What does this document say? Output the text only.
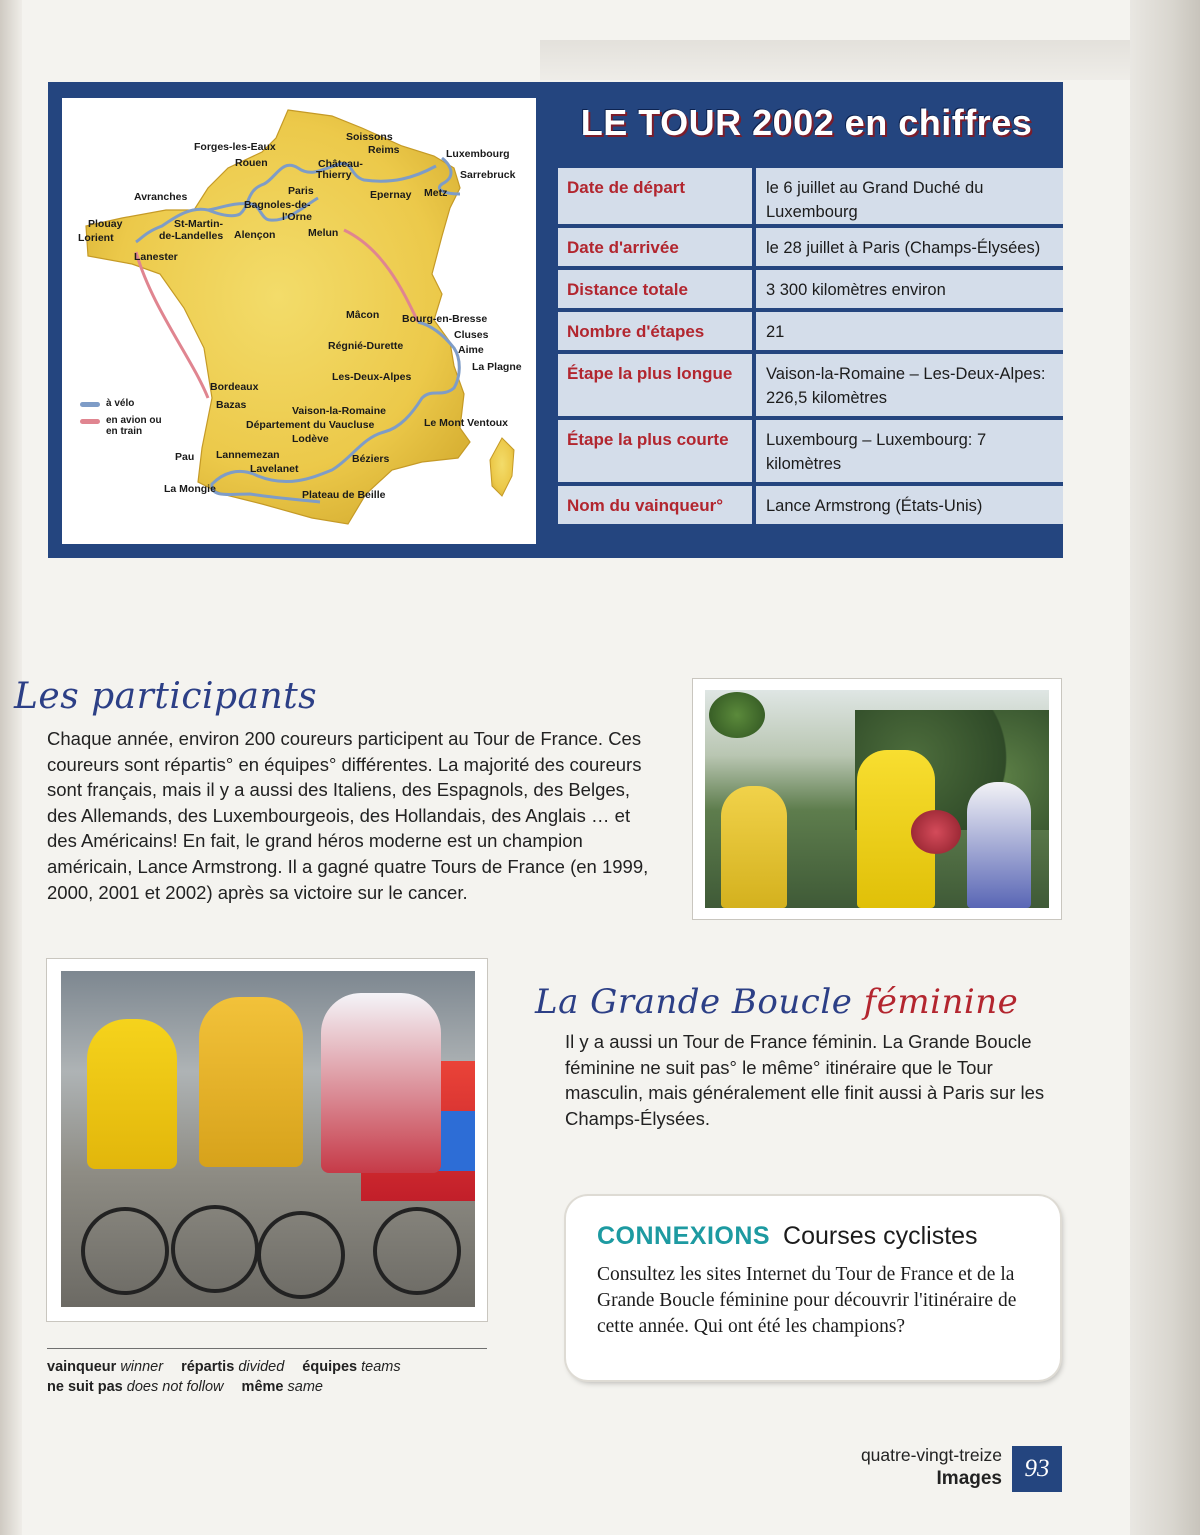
Forges-les-Eaux
Rouen
Soissons
Reims
Château-
Thierry
Luxembourg
Sarrebruck
Paris	Epernay Metz
Avranches
Bagnoles-de-
l'Orne
Plouay
Lorient
St-Martin-
de-Landelles Alençon	Melun
Lanester
Mâcon Bourg-en-Bresse
Cluses
Régnié-Durette	Aime
La Plagne
Les-Deux-Alpes
Bordeaux
Bazas	Vaison-la-Romaine
Département du Vaucluse	Le Mont Ventoux
Lodève
Béziers
Pau Lannemezan
Lavelanet
La Mongie	Plateau de Beille
à vélo
en avion ou
en train
LE TOUR 2002 en chiffres
Date de départ	le 6 juillet au Grand Duché du Luxembourg
Date d'arrivée	le 28 juillet à Paris (Champs-Élysées)
Distance totale	3 300 kilomètres environ
Nombre d'étapes	21
Étape la plus longue	Vaison-la-Romaine – Les-Deux-Alpes: 226,5 kilomètres
Étape la plus courte	Luxembourg – Luxembourg: 7 kilomètres
Nom du vainqueur°	Lance Armstrong (États-Unis)
Les participants
Chaque année, environ 200 coureurs participent au Tour de France. Ces coureurs sont répartis° en équipes° différentes. La majorité des coureurs sont français, mais il y a aussi des Italiens, des Espagnols, des Belges, des Allemands, des Luxembourgeois, des Hollandais, des Anglais … et des Américains! En fait, le grand héros moderne est un champion américain, Lance Armstrong. Il a gagné quatre Tours de France (en 1999, 2000, 2001 et 2002) après sa victoire sur le cancer.
La Grande Boucle féminine
Il y a aussi un Tour de France féminin. La Grande Boucle féminine ne suit pas° le même° itinéraire que le Tour masculin, mais généralement elle finit aussi à Paris sur les Champs-Élysées.
vainqueur winner répartis divided équipes teams
ne suit pas does not follow même same
CONNEXIONS Courses cyclistes
Consultez les sites Internet du Tour de France et de la Grande Boucle féminine pour découvrir l'itinéraire de cette année. Qui ont été les champions?
quatre-vingt-treize
Images 93
